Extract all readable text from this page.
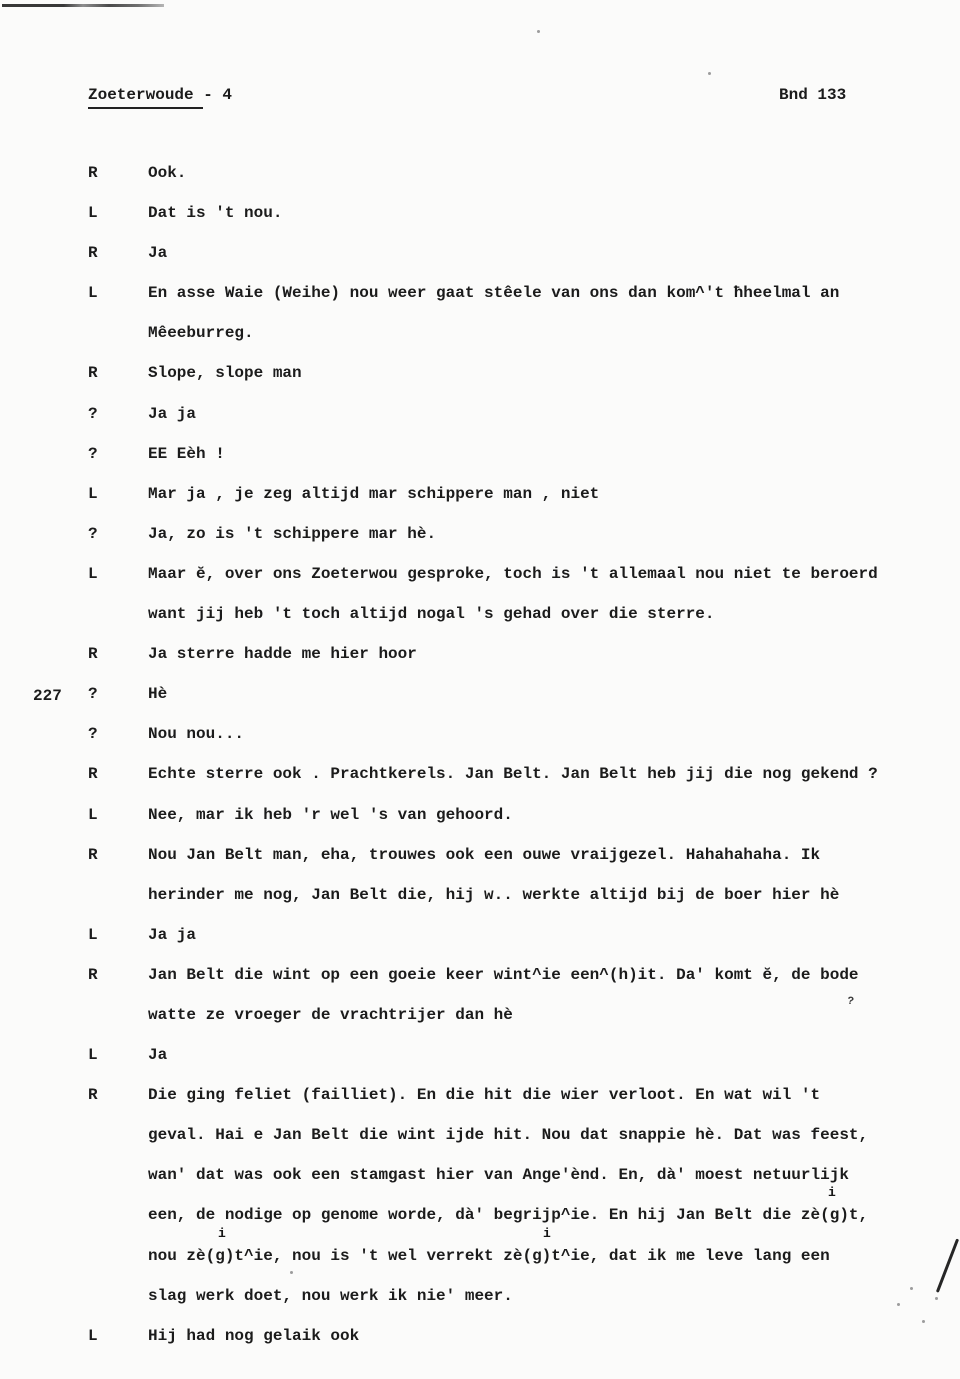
Zoeterwoude - 4	Bnd 133

R

	Ook.

L

	Dat is 't nou.

R

	Ja

L

	En asse Waie (Weihe) nou weer gaat stêele van ons dan kom^'t ħheelmal an

Mêeeburreg.

R

	Slope, slope man

?

	Ja ja

?

	EE Eèh !

L

	Mar ja , je zeg altijd mar schippere man , niet

?

	Ja, zo is 't schippere mar hè.

L

	Maar ĕ, over ons Zoeterwou gesproke, toch is 't allemaal nou niet te beroerd

want jij heb 't toch altijd nogal 's gehad over die sterre.

R

	Ja sterre hadde me hier hoor

227

?

	Hè

?

	Nou nou...

R

	Echte sterre ook . Prachtkerels. Jan Belt. Jan Belt heb jij die nog gekend ?

L

	Nee, mar ik heb 'r wel 's van gehoord.

R

	Nou Jan Belt man, eha, trouwes ook een ouwe vraijgezel. Hahahahaha. Ik

herinder me nog, Jan Belt die, hij w.. werkte altijd bij de boer hier hè

L

	Ja ja

R

	Jan Belt die wint op een goeie keer wint^ie een^(h)it. Da' komt ĕ, de bode

watte ze vroeger de vrachtrijer dan hè

L

	Ja

R

	Die ging feliet (failliet). En die hit die wier verloot. En wat wil 't

geval. Hai e Jan Belt die wint ijde hit. Nou dat snappie hè. Dat was feest,

wan' dat was ook een stamgast hier van Ange'ènd. En, dà' moest netuurlijk

een, de nodige op genome worde, dà' begrijp^ie. En hij Jan Belt die zè(g)t,

nou zè(g)t^ie, nou is 't wel verrekt zè(g)t^ie, dat ik me leve lang een

slag werk doet, nou werk ik nie' meer.

L

	Hij had nog gelaik ook

i
i	i
?
